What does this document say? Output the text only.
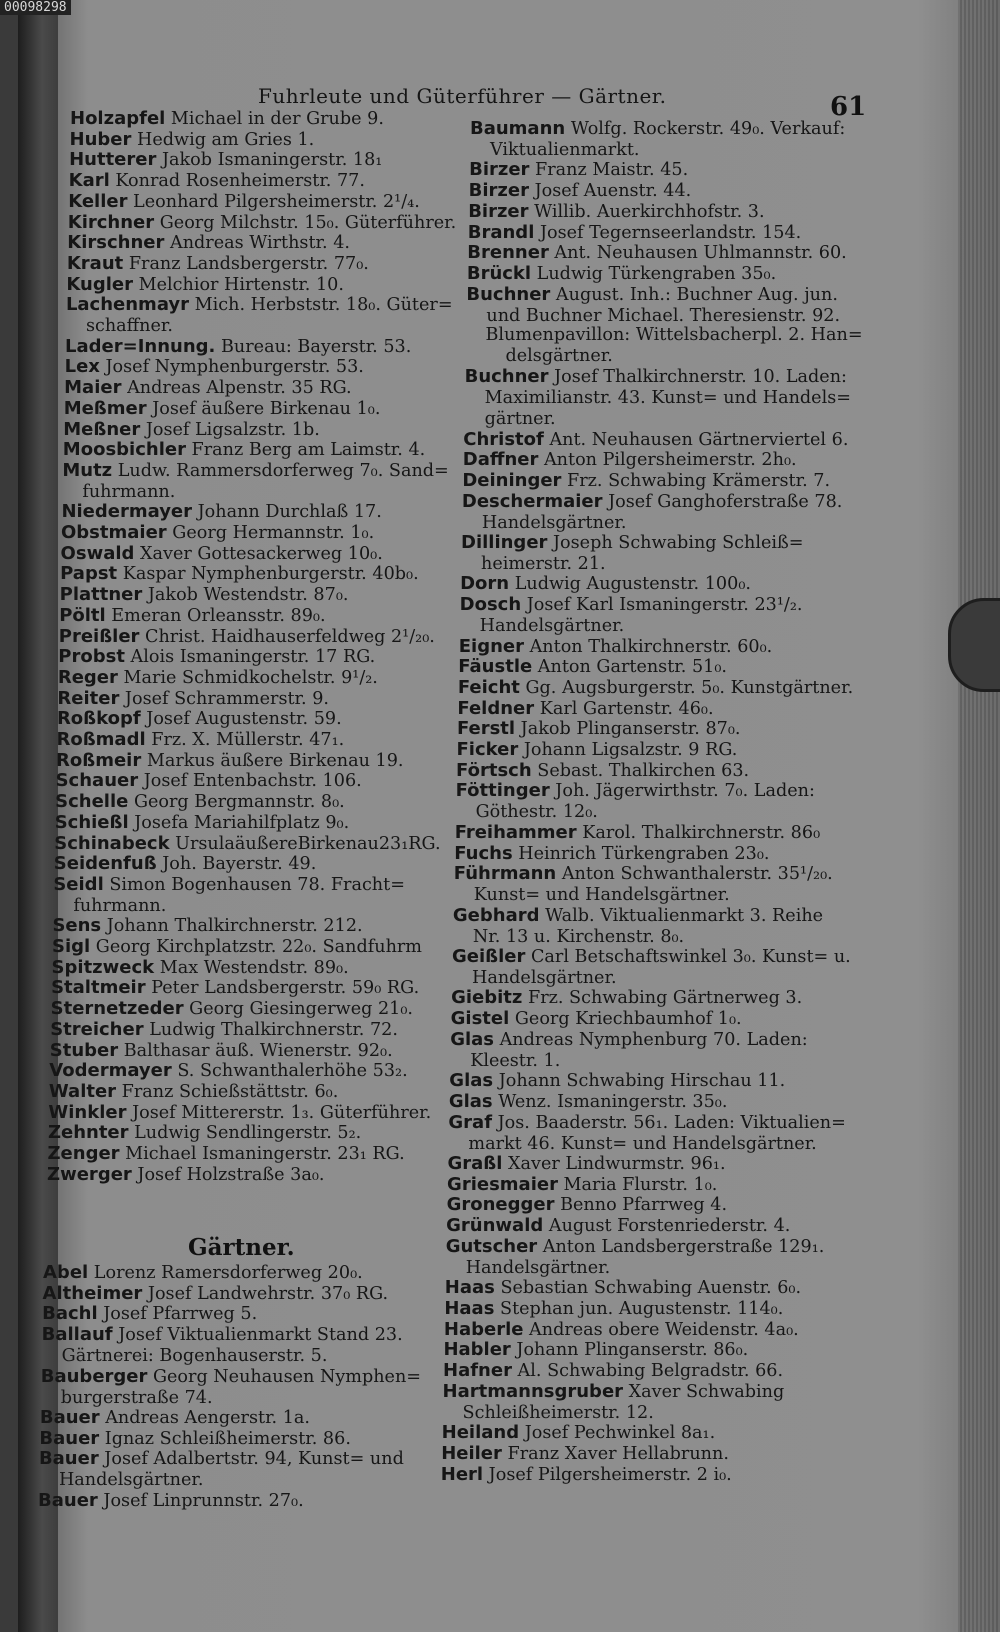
Fuhrleute und Güterführer — Gärtner.	61
Holzapfel Michael in der Grube 9.
Huber Hedwig am Gries 1.
Hutterer Jakob Ismaningerstr. 18₁
Karl Konrad Rosenheimerstr. 77.
Keller Leonhard Pilgersheimerstr. 2¹/₄.
Kirchner Georg Milchstr. 15₀. Güterführer.
Kirschner Andreas Wirthstr. 4.
Kraut Franz Landsbergerstr. 77₀.
Kugler Melchior Hirtenstr. 10.
Lachenmayr Mich. Herbststr. 18₀. Güter=
schaffner.
Lader=Innung. Bureau: Bayerstr. 53.
Lex Josef Nymphenburgerstr. 53.
Maier Andreas Alpenstr. 35 RG.
Meßmer Josef äußere Birkenau 1₀.
Meßner Josef Ligsalzstr. 1b.
Moosbichler Franz Berg am Laimstr. 4.
Mutz Ludw. Rammersdorferweg 7₀. Sand=
fuhrmann.
Niedermayer Johann Durchlaß 17.
Obstmaier Georg Hermannstr. 1₀.
Oswald Xaver Gottesackerweg 10₀.
Papst Kaspar Nymphenburgerstr. 40b₀.
Plattner Jakob Westendstr. 87₀.
Pöltl Emeran Orleansstr. 89₀.
Preißler Christ. Haidhauserfeldweg 2¹/₂₀.
Probst Alois Ismaningerstr. 17 RG.
Reger Marie Schmidkochelstr. 9¹/₂.
Reiter Josef Schrammerstr. 9.
Roßkopf Josef Augustenstr. 59.
Roßmadl Frz. X. Müllerstr. 47₁.
Roßmeir Markus äußere Birkenau 19.
Schauer Josef Entenbachstr. 106.
Schelle Georg Bergmannstr. 8₀.
Schießl Josefa Mariahilfplatz 9₀.
Schinabeck UrsulaäußereBirkenau23₁RG.
Seidenfuß Joh. Bayerstr. 49.
Seidl Simon Bogenhausen 78. Fracht=
fuhrmann.
Sens Johann Thalkirchnerstr. 212.
Sigl Georg Kirchplatzstr. 22₀. Sandfuhrm
Spitzweck Max Westendstr. 89₀.
Staltmeir Peter Landsbergerstr. 59₀ RG.
Sternetzeder Georg Giesingerweg 21₀.
Streicher Ludwig Thalkirchnerstr. 72.
Stuber Balthasar äuß. Wienerstr. 92₀.
Vodermayer S. Schwanthalerhöhe 53₂.
Walter Franz Schießstättstr. 6₀.
Winkler Josef Mittererstr. 1₃. Güterführer.
Zehnter Ludwig Sendlingerstr. 5₂.
Zenger Michael Ismaningerstr. 23₁ RG.
Zwerger Josef Holzstraße 3a₀.
Gärtner.
Abel Lorenz Ramersdorferweg 20₀.
Altheimer Josef Landwehrstr. 37₀ RG.
Bachl Josef Pfarrweg 5.
Ballauf Josef Viktualienmarkt Stand 23.
Gärtnerei: Bogenhauserstr. 5.
Bauberger Georg Neuhausen Nymphen=
burgerstraße 74.
Bauer Andreas Aengerstr. 1a.
Bauer Ignaz Schleißheimerstr. 86.
Bauer Josef Adalbertstr. 94, Kunst= und
Handelsgärtner.
Bauer Josef Linprunnstr. 27₀.
Baumann Wolfg. Rockerstr. 49₀. Verkauf:
Viktualienmarkt.
Birzer Franz Maistr. 45.
Birzer Josef Auenstr. 44.
Birzer Willib. Auerkirchhofstr. 3.
Brandl Josef Tegernseerlandstr. 154.
Brenner Ant. Neuhausen Uhlmannstr. 60.
Brückl Ludwig Türkengraben 35₀.
Buchner August. Inh.: Buchner Aug. jun.
und Buchner Michael. Theresienstr. 92.
Blumenpavillon: Wittelsbacherpl. 2. Han=
delsgärtner.
Buchner Josef Thalkirchnerstr. 10. Laden:
Maximilianstr. 43. Kunst= und Handels=
gärtner.
Christof Ant. Neuhausen Gärtnerviertel 6.
Daffner Anton Pilgersheimerstr. 2h₀.
Deininger Frz. Schwabing Krämerstr. 7.
Deschermaier Josef Ganghoferstraße 78.
Handelsgärtner.
Dillinger Joseph Schwabing Schleiß=
heimerstr. 21.
Dorn Ludwig Augustenstr. 100₀.
Dosch Josef Karl Ismaningerstr. 23¹/₂.
Handelsgärtner.
Eigner Anton Thalkirchnerstr. 60₀.
Fäustle Anton Gartenstr. 51₀.
Feicht Gg. Augsburgerstr. 5₀. Kunstgärtner.
Feldner Karl Gartenstr. 46₀.
Ferstl Jakob Plinganserstr. 87₀.
Ficker Johann Ligsalzstr. 9 RG.
Förtsch Sebast. Thalkirchen 63.
Föttinger Joh. Jägerwirthstr. 7₀. Laden:
Göthestr. 12₀.
Freihammer Karol. Thalkirchnerstr. 86₀
Fuchs Heinrich Türkengraben 23₀.
Führmann Anton Schwanthalerstr. 35¹/₂₀.
Kunst= und Handelsgärtner.
Gebhard Walb. Viktualienmarkt 3. Reihe
Nr. 13 u. Kirchenstr. 8₀.
Geißler Carl Betschaftswinkel 3₀. Kunst= u.
Handelsgärtner.
Giebitz Frz. Schwabing Gärtnerweg 3.
Gistel Georg Kriechbaumhof 1₀.
Glas Andreas Nymphenburg 70. Laden:
Kleestr. 1.
Glas Johann Schwabing Hirschau 11.
Glas Wenz. Ismaningerstr. 35₀.
Graf Jos. Baaderstr. 56₁. Laden: Viktualien=
markt 46. Kunst= und Handelsgärtner.
Graßl Xaver Lindwurmstr. 96₁.
Griesmaier Maria Flurstr. 1₀.
Gronegger Benno Pfarrweg 4.
Grünwald August Forstenriederstr. 4.
Gutscher Anton Landsbergerstraße 129₁.
Handelsgärtner.
Haas Sebastian Schwabing Auenstr. 6₀.
Haas Stephan jun. Augustenstr. 114₀.
Haberle Andreas obere Weidenstr. 4a₀.
Habler Johann Plinganserstr. 86₀.
Hafner Al. Schwabing Belgradstr. 66.
Hartmannsgruber Xaver Schwabing
Schleißheimerstr. 12.
Heiland Josef Pechwinkel 8a₁.
Heiler Franz Xaver Hellabrunn.
Herl Josef Pilgersheimerstr. 2 i₀.
00098298
